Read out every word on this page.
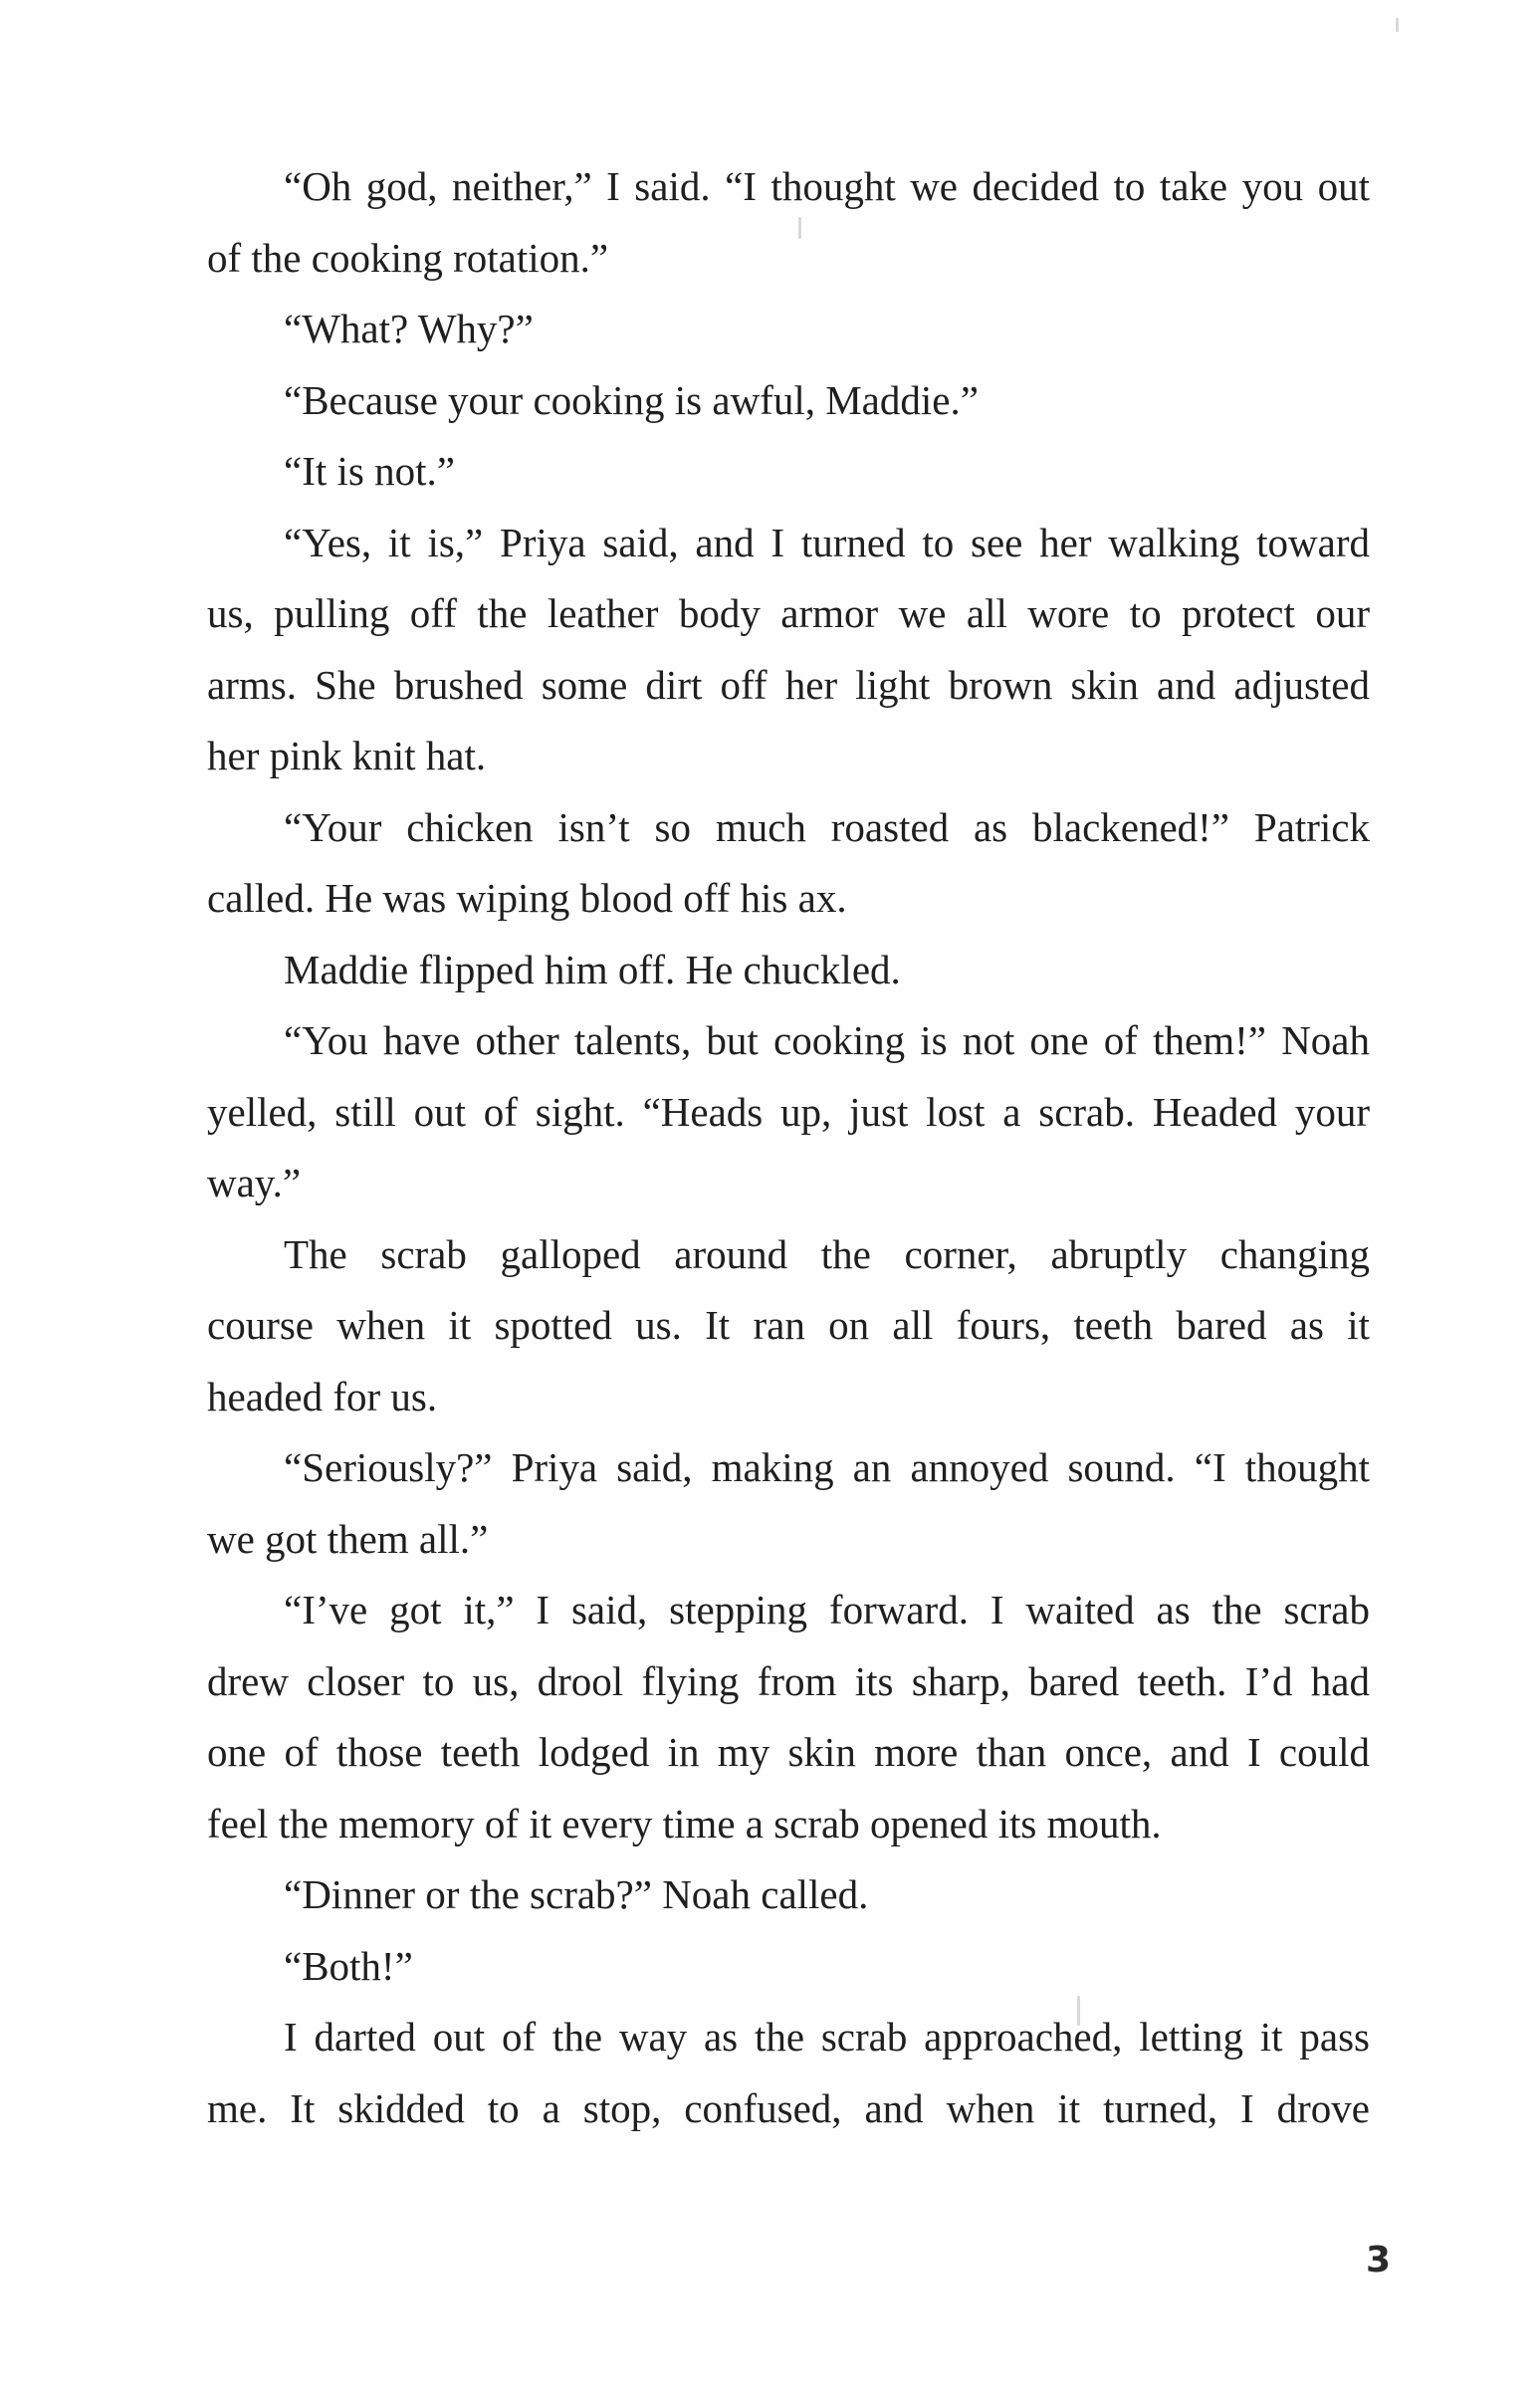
“Oh god, neither,” I said. “I thought we decided to take you out
of the cooking rotation.”
“What? Why?”
“Because your cooking is awful, Maddie.”
“It is not.”
“Yes, it is,” Priya said, and I turned to see her walking toward
us, pulling off the leather body armor we all wore to protect our
arms. She brushed some dirt off her light brown skin and adjusted
her pink knit hat.
“Your chicken isn’t so much roasted as blackened!” Patrick
called. He was wiping blood off his ax.
Maddie flipped him off. He chuckled.
“You have other talents, but cooking is not one of them!” Noah
yelled, still out of sight. “Heads up, just lost a scrab. Headed your
way.”
The scrab galloped around the corner, abruptly changing
course when it spotted us. It ran on all fours, teeth bared as it
headed for us.
“Seriously?” Priya said, making an annoyed sound. “I thought
we got them all.”
“I’ve got it,” I said, stepping forward. I waited as the scrab
drew closer to us, drool flying from its sharp, bared teeth. I’d had
one of those teeth lodged in my skin more than once, and I could
feel the memory of it every time a scrab opened its mouth.
“Dinner or the scrab?” Noah called.
“Both!”
I darted out of the way as the scrab approached, letting it pass
me. It skidded to a stop, confused, and when it turned, I drove
3
